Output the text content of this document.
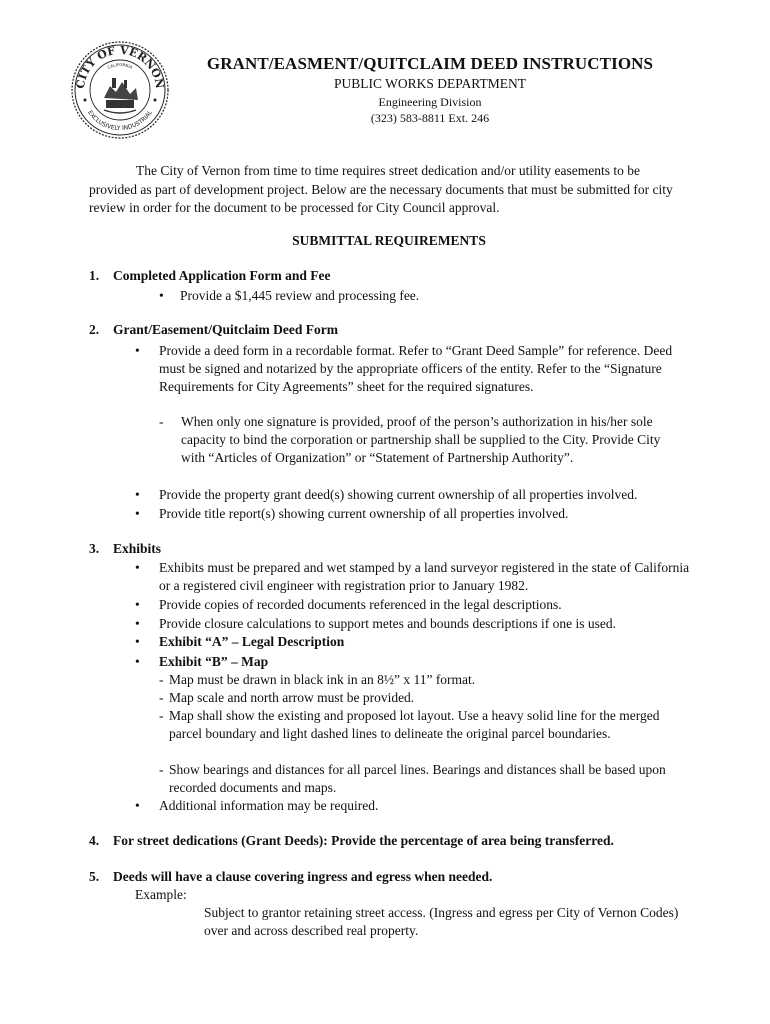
CITY OF VERNON
EXCLUSIVELY INDUSTRIAL
CALIFORNIA	GRANT/EASMENT/QUITCLAIM DEED INSTRUCTIONS
PUBLIC WORKS DEPARTMENT
Engineering Division
(323) 583-8811 Ext. 246
The City of Vernon from time to time requires street dedication and/or utility easements to be provided as part of development project. Below are the necessary documents that must be submitted for city review in order for the document to be processed for City Council approval.
SUBMITTAL REQUIREMENTS
1. Completed Application Form and Fee
• Provide a $1,445 review and processing fee.
2. Grant/Easement/Quitclaim Deed Form
• Provide a deed form in a recordable format. Refer to “Grant Deed Sample” for reference. Deed must be signed and notarized by the appropriate officers of the entity. Refer to the “Signature Requirements for City Agreements” sheet for the required signatures.
- When only one signature is provided, proof of the person’s authorization in his/her sole capacity to bind the corporation or partnership shall be supplied to the City. Provide City with “Articles of Organization” or “Statement of Partnership Authority”.
• Provide the property grant deed(s) showing current ownership of all properties involved.
• Provide title report(s) showing current ownership of all properties involved.
3. Exhibits
• Exhibits must be prepared and wet stamped by a land surveyor registered in the state of California or a registered civil engineer with registration prior to January 1982.
• Provide copies of recorded documents referenced in the legal descriptions.
• Provide closure calculations to support metes and bounds descriptions if one is used.
• Exhibit “A” – Legal Description
• Exhibit “B” – Map
- Map must be drawn in black ink in an 8½” x 11” format.
- Map scale and north arrow must be provided.
- Map shall show the existing and proposed lot layout. Use a heavy solid line for the merged parcel boundary and light dashed lines to delineate the original parcel boundaries.
- Show bearings and distances for all parcel lines. Bearings and distances shall be based upon recorded documents and maps.
• Additional information may be required.
4. For street dedications (Grant Deeds): Provide the percentage of area being transferred.
5. Deeds will have a clause covering ingress and egress when needed.
Example:
Subject to grantor retaining street access. (Ingress and egress per City of Vernon Codes) over and across described real property.
